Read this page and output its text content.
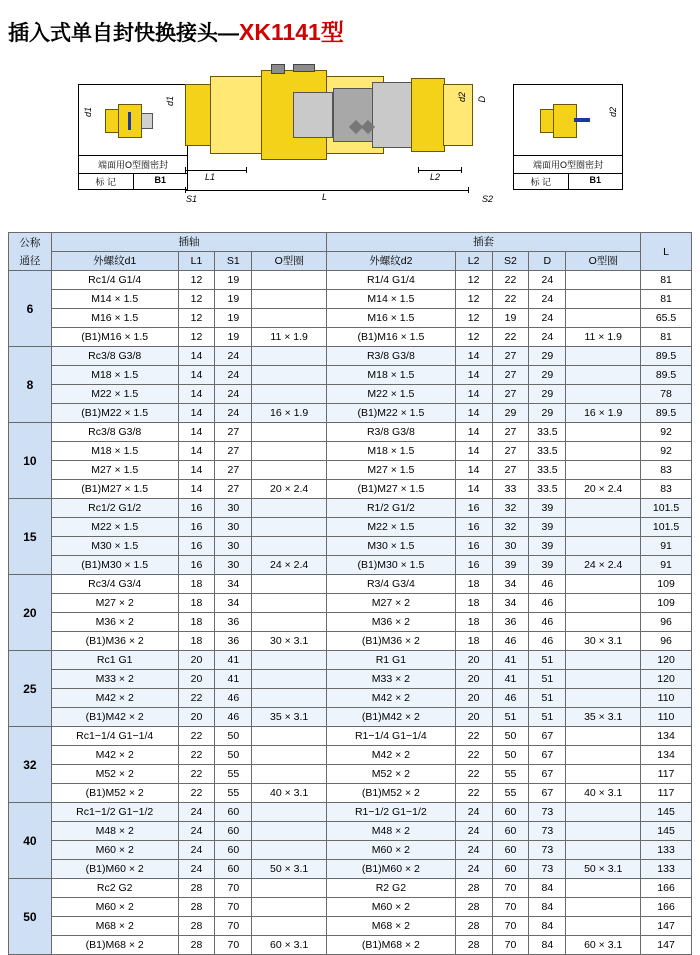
插入式单自封快换接头—XK1141型
d1
端面用O型圈密封
标 记	B1
d2
端面用O型圈密封
标 记	B1
d1	d2 D
L1	L2
L
S1	S2
公称
通径	插轴				插套					L
	外螺纹d1	L1	S1	O型圈	外螺纹d2	L2	S2	D	O型圈	
6	Rc1/4 G1/4	12	19		R1/4 G1/4	12	22	24		81
	M14 × 1.5	12	19		M14 × 1.5	12	22	24		81
	M16 × 1.5	12	19		M16 × 1.5	12	19	24		65.5
	(B1)M16 × 1.5	12	19	11 × 1.9	(B1)M16 × 1.5	12	22	24	11 × 1.9	81
8	Rc3/8 G3/8	14	24		R3/8 G3/8	14	27	29		89.5
	M18 × 1.5	14	24		M18 × 1.5	14	27	29		89.5
	M22 × 1.5	14	24		M22 × 1.5	14	27	29		78
	(B1)M22 × 1.5	14	24	16 × 1.9	(B1)M22 × 1.5	14	29	29	16 × 1.9	89.5
10	Rc3/8 G3/8	14	27		R3/8 G3/8	14	27	33.5		92
	M18 × 1.5	14	27		M18 × 1.5	14	27	33.5		92
	M27 × 1.5	14	27		M27 × 1.5	14	27	33.5		83
	(B1)M27 × 1.5	14	27	20 × 2.4	(B1)M27 × 1.5	14	33	33.5	20 × 2.4	83
15	Rc1/2 G1/2	16	30		R1/2 G1/2	16	32	39		101.5
	M22 × 1.5	16	30		M22 × 1.5	16	32	39		101.5
	M30 × 1.5	16	30		M30 × 1.5	16	30	39		91
	(B1)M30 × 1.5	16	30	24 × 2.4	(B1)M30 × 1.5	16	39	39	24 × 2.4	91
20	Rc3/4 G3/4	18	34		R3/4 G3/4	18	34	46		109
	M27 × 2	18	34		M27 × 2	18	34	46		109
	M36 × 2	18	36		M36 × 2	18	36	46		96
	(B1)M36 × 2	18	36	30 × 3.1	(B1)M36 × 2	18	46	46	30 × 3.1	96
25	Rc1 G1	20	41		R1 G1	20	41	51		120
	M33 × 2	20	41		M33 × 2	20	41	51		120
	M42 × 2	22	46		M42 × 2	20	46	51		110
	(B1)M42 × 2	20	46	35 × 3.1	(B1)M42 × 2	20	51	51	35 × 3.1	110
32	Rc1−1/4 G1−1/4	22	50		R1−1/4 G1−1/4	22	50	67		134
	M42 × 2	22	50		M42 × 2	22	50	67		134
	M52 × 2	22	55		M52 × 2	22	55	67		117
	(B1)M52 × 2	22	55	40 × 3.1	(B1)M52 × 2	22	55	67	40 × 3.1	117
40	Rc1−1/2 G1−1/2	24	60		R1−1/2 G1−1/2	24	60	73		145
	M48 × 2	24	60		M48 × 2	24	60	73		145
	M60 × 2	24	60		M60 × 2	24	60	73		133
	(B1)M60 × 2	24	60	50 × 3.1	(B1)M60 × 2	24	60	73	50 × 3.1	133
50	Rc2 G2	28	70		R2 G2	28	70	84		166
	M60 × 2	28	70		M60 × 2	28	70	84		166
	M68 × 2	28	70		M68 × 2	28	70	84		147
	(B1)M68 × 2	28	70	60 × 3.1	(B1)M68 × 2	28	70	84	60 × 3.1	147
